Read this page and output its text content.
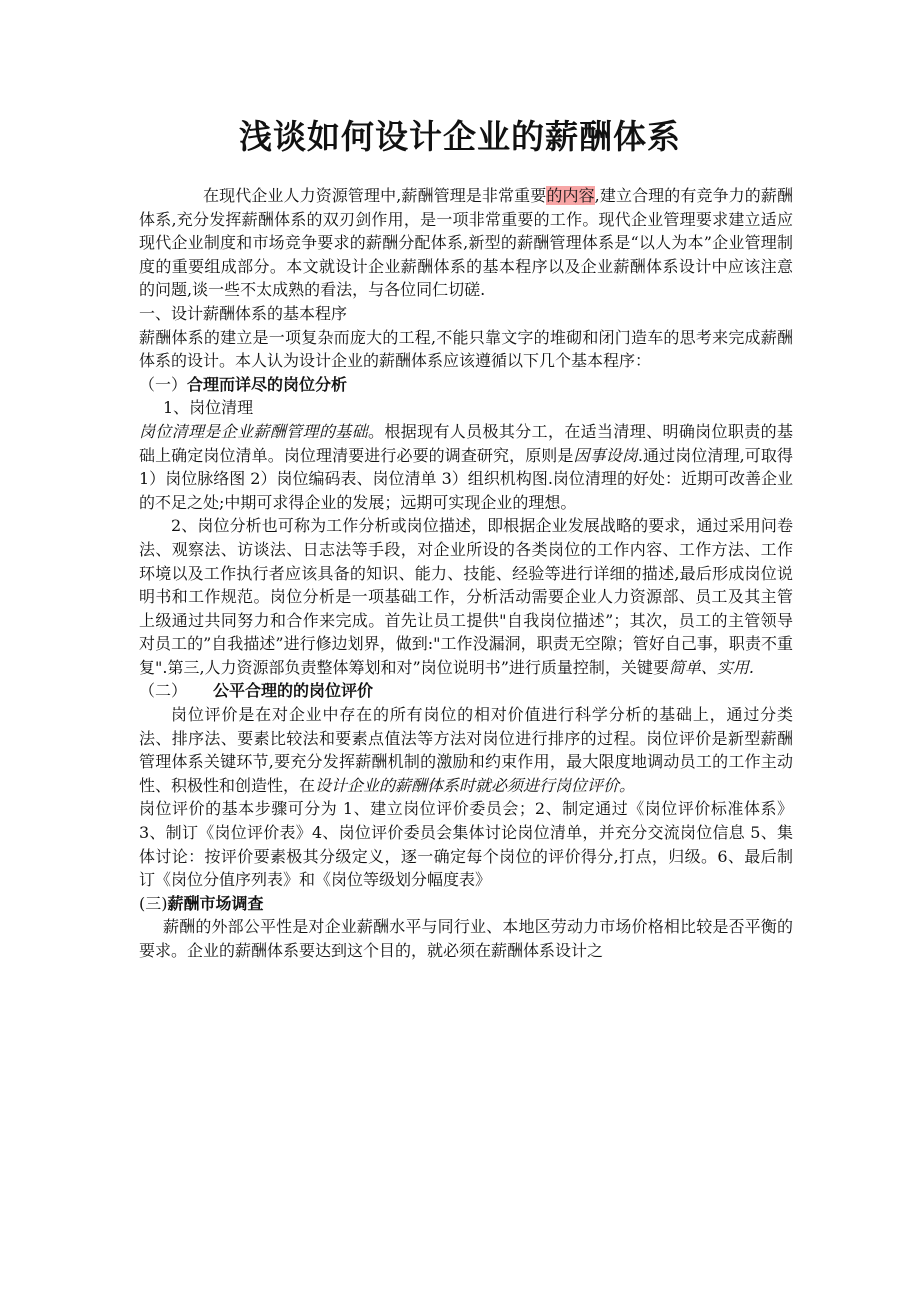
浅谈如何设计企业的薪酬体系

在现代企业人力资源管理中,薪酬管理是非常重要的内容,建立合理的有竞争力的薪酬体系,充分发挥薪酬体系的双刃剑作用，是一项非常重要的工作。现代企业管理要求建立适应现代企业制度和市场竞争要求的薪酬分配体系,新型的薪酬管理体系是“以人为本”企业管理制度的重要组成部分。本文就设计企业薪酬体系的基本程序以及企业薪酬体系设计中应该注意的问题,谈一些不太成熟的看法，与各位同仁切磋.

一、设计薪酬体系的基本程序

薪酬体系的建立是一项复杂而庞大的工程,不能只靠文字的堆砌和闭门造车的思考来完成薪酬体系的设计。本人认为设计企业的薪酬体系应该遵循以下几个基本程序：

（一）合理而详尽的岗位分析

1、岗位清理

岗位清理是企业薪酬管理的基础。根据现有人员极其分工，在适当清理、明确岗位职责的基础上确定岗位清单。岗位理清要进行必要的调查研究，原则是因事设岗.通过岗位清理,可取得 1）岗位脉络图 2）岗位编码表、岗位清单 3）组织机构图.岗位清理的好处：近期可改善企业的不足之处;中期可求得企业的发展；远期可实现企业的理想。

2、岗位分析也可称为工作分析或岗位描述，即根据企业发展战略的要求，通过采用问卷法、观察法、访谈法、日志法等手段，对企业所设的各类岗位的工作内容、工作方法、工作环境以及工作执行者应该具备的知识、能力、技能、经验等进行详细的描述,最后形成岗位说明书和工作规范。岗位分析是一项基础工作，分析活动需要企业人力资源部、员工及其主管上级通过共同努力和合作来完成。首先让员工提供"自我岗位描述”；其次，员工的主管领导对员工的”自我描述”进行修边划界，做到:"工作没漏洞，职责无空隙；管好自己事，职责不重复".第三,人力资源部负责整体筹划和对”岗位说明书”进行质量控制，关键要简单、实用.

（二） 公平合理的的岗位评价

岗位评价是在对企业中存在的所有岗位的相对价值进行科学分析的基础上，通过分类法、排序法、要素比较法和要素点值法等方法对岗位进行排序的过程。岗位评价是新型薪酬管理体系关键环节,要充分发挥薪酬机制的激励和约束作用，最大限度地调动员工的工作主动性、积极性和创造性，在设计企业的薪酬体系时就必须进行岗位评价。

岗位评价的基本步骤可分为 1、建立岗位评价委员会；2、制定通过《岗位评价标准体系》3、制订《岗位评价表》4、岗位评价委员会集体讨论岗位清单，并充分交流岗位信息 5、集体讨论：按评价要素极其分级定义，逐一确定每个岗位的评价得分,打点，归级。6、最后制订《岗位分值序列表》和《岗位等级划分幅度表》

(三)薪酬市场调查

薪酬的外部公平性是对企业薪酬水平与同行业、本地区劳动力市场价格相比较是否平衡的要求。企业的薪酬体系要达到这个目的，就必须在薪酬体系设计之
